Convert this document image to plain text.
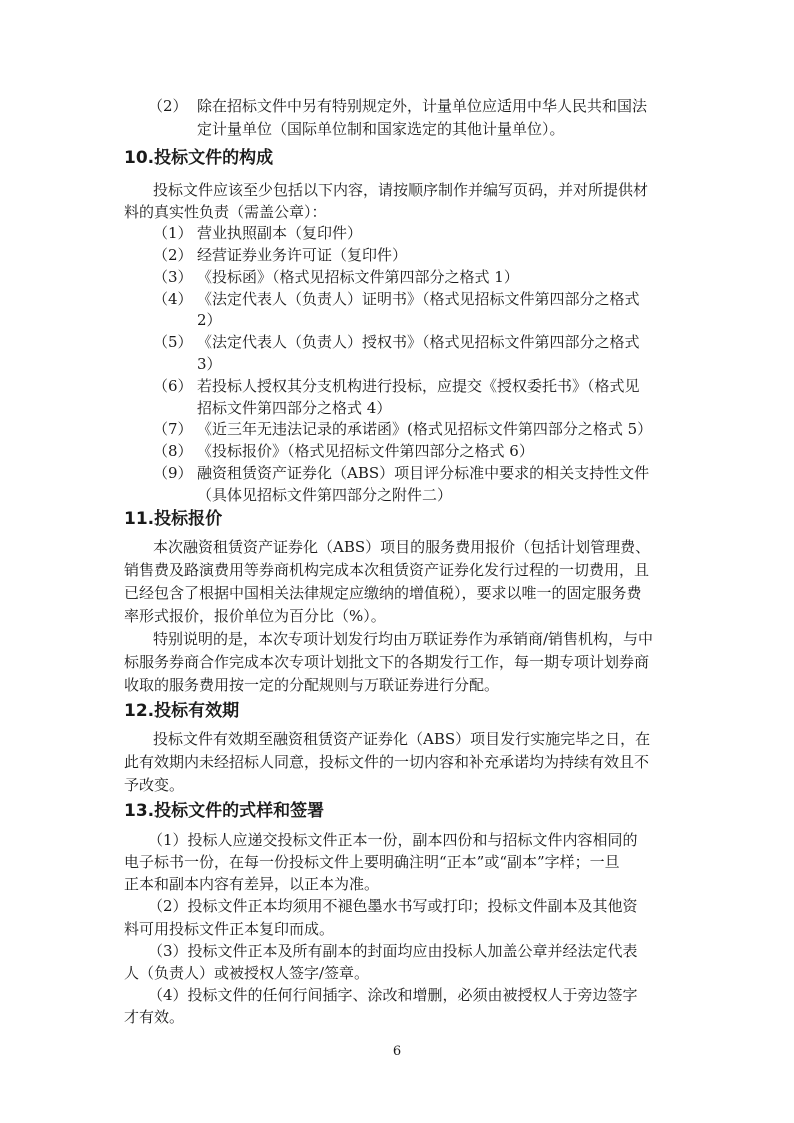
（2） 除在招标文件中另有特别规定外，计量单位应适用中华人民共和国法
定计量单位（国际单位制和国家选定的其他计量单位）。
10.投标文件的构成
投标文件应该至少包括以下内容，请按顺序制作并编写页码，并对所提供材
料的真实性负责（需盖公章）：
（1） 营业执照副本（复印件）
（2） 经营证券业务许可证（复印件）
（3） 《投标函》（格式见招标文件第四部分之格式 1）
（4） 《法定代表人（负责人）证明书》（格式见招标文件第四部分之格式
2）
（5） 《法定代表人（负责人）授权书》（格式见招标文件第四部分之格式
3）
（6） 若投标人授权其分支机构进行投标，应提交《授权委托书》（格式见
招标文件第四部分之格式 4）
（7） 《近三年无违法记录的承诺函》(格式见招标文件第四部分之格式 5）
（8） 《投标报价》（格式见招标文件第四部分之格式 6）
（9） 融资租赁资产证券化（ABS）项目评分标准中要求的相关支持性文件
（具体见招标文件第四部分之附件二）
11.投标报价
本次融资租赁资产证券化（ABS）项目的服务费用报价（包括计划管理费、
销售费及路演费用等券商机构完成本次租赁资产证券化发行过程的一切费用，且
已经包含了根据中国相关法律规定应缴纳的增值税），要求以唯一的固定服务费
率形式报价，报价单位为百分比（%）。
特别说明的是，本次专项计划发行均由万联证券作为承销商/销售机构，与中
标服务券商合作完成本次专项计划批文下的各期发行工作，每一期专项计划券商
收取的服务费用按一定的分配规则与万联证券进行分配。
12.投标有效期
投标文件有效期至融资租赁资产证券化（ABS）项目发行实施完毕之日，在
此有效期内未经招标人同意，投标文件的一切内容和补充承诺均为持续有效且不
予改变。
13.投标文件的式样和签署
（1）投标人应递交投标文件正本一份，副本四份和与招标文件内容相同的
电子标书一份，在每一份投标文件上要明确注明“正本”或“副本”字样；一旦
正本和副本内容有差异，以正本为准。
（2）投标文件正本均须用不褪色墨水书写或打印；投标文件副本及其他资
料可用投标文件正本复印而成。
（3）投标文件正本及所有副本的封面均应由投标人加盖公章并经法定代表
人（负责人）或被授权人签字/签章。
（4）投标文件的任何行间插字、涂改和增删，必须由被授权人于旁边签字
才有效。
6
